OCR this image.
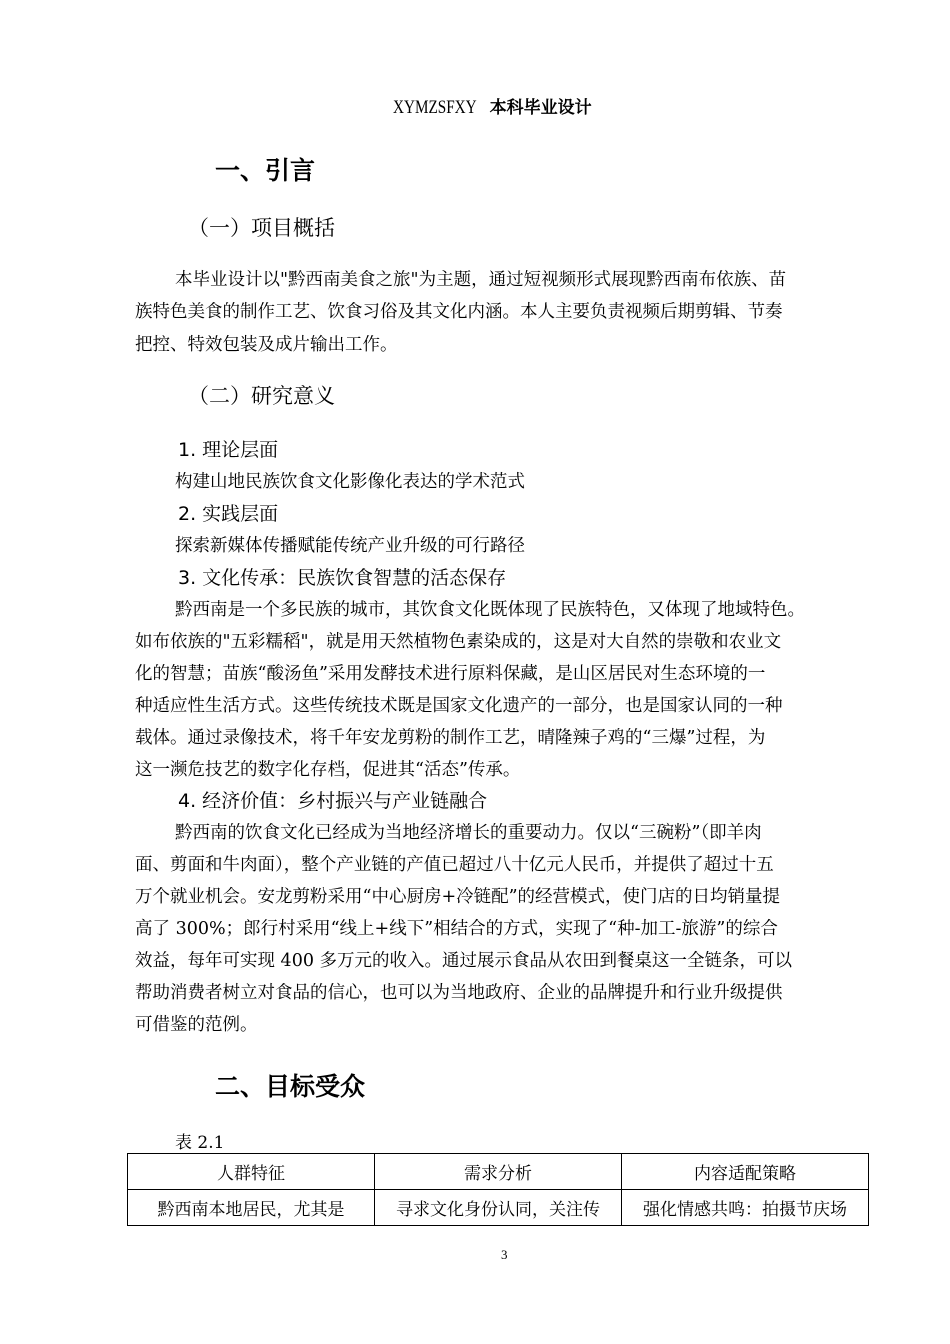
XYMZSFXY 本科毕业设计
一、引言
（一）项目概括
本毕业设计以"黔西南美食之旅"为主题，通过短视频形式展现黔西南布依族、苗
族特色美食的制作工艺、饮食习俗及其文化内涵。本人主要负责视频后期剪辑、节奏
把控、特效包装及成片输出工作。
（二）研究意义
1. 理论层面
构建山地民族饮食文化影像化表达的学术范式
2. 实践层面
探索新媒体传播赋能传统产业升级的可行路径
3. 文化传承：民族饮食智慧的活态保存
黔西南是一个多民族的城市，其饮食文化既体现了民族特色，又体现了地域特色。
如布依族的"五彩糯稻"，就是用天然植物色素染成的，这是对大自然的崇敬和农业文
化的智慧；苗族“酸汤鱼”采用发酵技术进行原料保藏，是山区居民对生态环境的一
种适应性生活方式。这些传统技术既是国家文化遗产的一部分，也是国家认同的一种
载体。通过录像技术，将千年安龙剪粉的制作工艺，晴隆辣子鸡的“三爆”过程，为
这一濒危技艺的数字化存档，促进其“活态”传承。
4. 经济价值：乡村振兴与产业链融合
黔西南的饮食文化已经成为当地经济增长的重要动力。仅以“三碗粉”（即羊肉
面、剪面和牛肉面），整个产业链的产值已超过八十亿元人民币，并提供了超过十五
万个就业机会。安龙剪粉采用“中心厨房+冷链配”的经营模式，使门店的日均销量提
高了 300%；郎行村采用“线上+线下”相结合的方式，实现了“种-加工-旅游”的综合
效益，每年可实现 400 多万元的收入。通过展示食品从农田到餐桌这一全链条，可以
帮助消费者树立对食品的信心，也可以为当地政府、企业的品牌提升和行业升级提供
可借鉴的范例。
二、目标受众
表 2.1
人群特征	需求分析	内容适配策略
黔西南本地居民，尤其是	寻求文化身份认同，关注传	强化情感共鸣：拍摄节庆场
3
